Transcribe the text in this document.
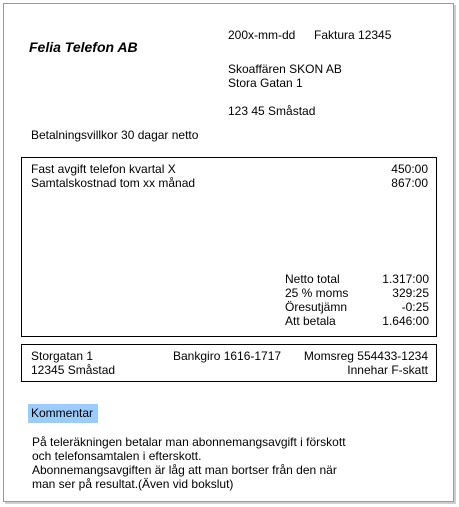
200x-mm-dd Faktura 12345
Felia Telefon AB
Skoaffären SKON AB
Stora Gatan 1
123 45 Småstad
Betalningsvillkor 30 dagar netto
Fast avgift telefon kvartal X	450:00
Samtalskostnad tom xx månad	867:00
Netto total	1.317:00
25 % moms	329:25
Öresutjämn	-0:25
Att betala	1.646:00
Storgatan 1	Bankgiro 1616-1717 Momsreg 554433-1234
12345 Småstad	Innehar F-skatt
Kommentar
På teleräkningen betalar man abonnemangsavgift i förskott
och telefonsamtalen i efterskott.
Abonnemangsavgiften är låg att man bortser från den när
man ser på resultat.(Även vid bokslut)
